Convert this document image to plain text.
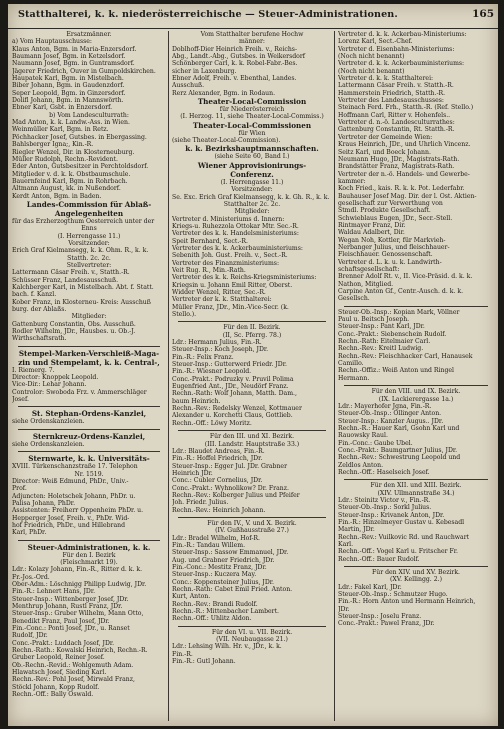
Statthalterei, k. k. niederösterreichische — Steuer-Administrationen.	165
Ersatzmänner.
a) Vom Hauptausschusse:
Klaus Anton, Bgm. in Maria-Enzersdorf.
Baumann Josef, Bgm. in Ketzelsdorf.
Naumann Josef, Bgm. in Guntramsdorf.
Jägerer Friedrich, Ouver in Gumpoldskirchen.
Haupatek Karl, Bgm. in Mistelbach.
Biber Johann, Bgm. in Gaudenzdorf.
Seper Leopold, Bgm. in Ginzersdorf.
Dolifl Johann, Bgm. in Mannswörth.
Ebner Karl, Gsbt. in Enzersdorf.
b) Vom Landesculturrath:
Mad Anton, k. k. Landw.-Ass. in Wien.
Weinmüller Karl, Bgm. in Retz.
Pöchhacker Josef, Gutsbes. in Ebergassing.
Bahlsberger Igna;, Kin.-R.
Riegler Wenzel, Dir. in Klosterneuburg.
Müller Rudolph, Rechn.-Revident.
Eder Anton, Gutsbesitzer in Perchtoldsdorf.
Mitglieder v. d. k. k. Obstbaumschule.
Bauernfeind Karl, Bgm. in Rohrbach.
Altmann August, kk. in Nußendorf.
Kerdt Anton, Bgm. in Baden.
Landes-Commission für Ablaß-
Angelegenheiten
für das Erzherzogthum Oesterreich unter der
Enns
(I. Herrengasse 11.)
Vorsitzender:
Erich Graf Kielmansegg, k. k. Ohm. R., k. k.
Statth. 2c. 2c.
Stellvertreter:
Lattermann Cäsar Freih. v., Statth.-R.
Schüsser Franz, Landesausschuß.
Kalchberger Karl, in Mistelbach. Abt. f. Statt.
bach. f. Kanzl.
Kober Franz, in Klosterneu- Kreis: Ausschuß
burg. der Ablaßs.
Mitglieder:
Gattenburg Constantin, Obs. Ausschuß.
Rodler Wilhelm, JDr., Hausbes. u. Ob.-J.
Wirthschaftsrath.
Stempel-Marken-Verschleiß-Maga-
zin und Stempelamt, k. k. Central-,
I. Riemerg. 7.
Director: Knoppek Leopold.
Vice-Dir.: Lehar Johann.
Controlor: Swoboda Frz. v. Ammerschläger
Josef.
St. Stephan-Ordens-Kanzlei,
siehe Ordenskanzleien.
Sternkreuz-Ordens-Kanzlei,
siehe Ordenskanzleien.
Sternwarte, k. k. Universitäts-
XVIII. Türkenschanzstraße 17. Telephon
Nr. 1519.
Director: Weiß Edmund, PhDr., Univ.-
Prof.
Adjuncten: Holetschek Johann, PhDr. u.
Palisa Johann, PhDr.
Assistenten: Freiherr Oppenheim PhDr. u.
Hepperger Josef, Freih. v., PhDr. Wid-
hof Friedrich, PhDr., und Hillebrand
Karl, PhDr.
Steuer-Administrationen, k. k.
Für den I. Bezirk
(Fleischmarkt 19).
Ldr.: Kolazy Johann, Fin.-R., Ritter d. k. k.
Fr.-Jos.-Ord.
Ober-Adm.: Löschnigg Philipp Ludwig, JDr.
Fin.-R.: Lehnert Hans, JDr.
Steuer-Insp.: Wittenberger Josef, JDr.
Menthrup Johann, Rustl Franz, JDr.
Steuer-Insp.: Gruber Wilhelm, Mann Otto,
Benedikt Franz, Paul Josef, JDr.
Fin.-Conc.: Ponti Josef, JDr., u. Ranset
Rudolf, JDr.
Conc.-Prakt.: Luddach Josef, JDr.
Rechn.-Rath.: Kowalski Heinrich, Rechn.-R.
Gruber Leopold, Reiner Josef.
Ob.-Rechn.-Revid.: Wohlgemuth Adam.
Hlawatsch Josef, Sieding Karl.
Rechn.-Rev.: Pohl Josef, Mirwald Franz,
Stöckl Johann, Kopp Rudolf.
Rechn.-Off.: Bally Oswald.
Vom Statthalter berufene Hochw
männer:
Doblhoff-Dier Heinrich Freih. v., Reichs-
Abg., Landt.-Abg., Gutsbes. in Weikersdorf
Schönberger Carl, k. k. Robel-Fabr.-Bes.
sicher in Laxenburg.
Ebner Adolf, Freih. v. Ebenthal, Landes.
Ausschuß.
Rerz Alexander, Bgm. in Rodaun.
Theater-Local-Commission
für Niederösterreich
(I. Herzog. 11, siehe Theater-Local-Commiss.)
Theater-Local-Commissionen
für Wien
(siehe Theater-Local-Commission).
k. k. Bezirkshauptmannschaften.
(siehe Seite 60, Band I.)
Wiener Approvisionirungs-
Conferenz.
(I. Herrengasse 11.)
Vorsitzender:
Se. Exc. Erich Graf Kielmansegg, k. k. Gh. R., k. k.
Statthalter 2c. 2c.
Mitglieder:
Vertreter d. Ministeriums d. Innern:
Kriegs-u. Ruhezzola Ottokar Mtr. Sec.-R.
Vertreter des k. k. Handelsministeriums:
Speit Bernhard, Sect.-R.
Vertreter des k. k. Ackerbauministeriums:
Sebenith Joh. Gust. Freih. v., Sect.-R.
Vertreter des Finanzministeriums:
Veit Rug. R., Min.-Rath.
Vertreter des k. k. Reichs-Kriegsministeriums:
Kriegsin u. Johann Emil Ritter, Oberst.
Widder Wenzel, Ritter, Sec.-R.
Vertreter der k. k. Statthalterei:
Müller Franz, JDr., Min.-Vice-Secr. (k.
Stello.).
Für den II. Bezirk.
(II, Sc. Pferrg. 78.)
Ldr.: Hermann Julius, Fin.-R.
Steuer-Insp.: Koch Joseph, JDr.
Fin.-R.: Felix Franz.
Steuer-Insp.: Gutterwerd Friedr. JDr.
Fin.-R.: Wiesner Leopold.
Conc.-Prakt.: Podruzky v. Pruvil Polima
Eugenfried Ant., JDr., Neudörf Franz.
Rechn.-Rath: Wolf Johann, Matth. Dam.,
baum Heinrich.
Rechn.-Rev.: Redelsky Wenzel, Kottmauer
Alexander u. Korchetti Claus, Gottlieb.
Rechn.-Off.: Löwy Moritz.
Für den III. und XI. Bezirk.
(III. Landstr. Hauptstraße 33.)
Ldr.: Blaudet Andreas, Fin.-R.
Fin.-R.: Hoffel Friedrich, JDr.
Steuer-Insp.: Egger Jul. JDr. Grabner
Heinrich JDr.
Conc.: Cubler Cornelius, JDr.
Conc.-Prakt.: Wyhnolikow? Dr. Franz.
Rechn.-Rev.: Kolberger Julius und Pfeifer
Joh. Friedr. Julius.
Rechn.-Rev.: Heinrich Johann.
Für den IV., V. und X. Bezirk.
(IV. Gußhausstraße 27.)
Ldr.: Bradel Wilhelm, Hof-R.
Fin.-R.: Tandau Willem.
Steuer-Insp.: Sassow Emmanuel, JDr.
Aug. und Grabner Friedrich, JDr.
Fin.-Conc.: Mestitz Franz, JDr.
Steuer-Insp.: Kuczera May.
Conc.: Koppensteiner Julius, JDr.
Rechn.-Rath: Cabet Emil Fried. Anton.
Kurt, Anton.
Rechn.-Rev.: Brandi Rudolf.
Rechn.-R.: Mittenbacher Lambert.
Rechn.-Off.: Uhlitz Aldon.
Für den VI. u. VII. Bezirk.
(VII. Neubaugasse 21.)
Ldr.: Lehsing Wilh. Hr. v., JDr., k. k.
Fin.-R.
Fin.-R.: Gutl Johann.
Vertreter d. k. k. Ackerbau-Ministeriums:
Lorenz Karl, Sect.-Chef.
Vertreter d. Eisenbahn-Ministeriums:
(Noch nicht benannt)
Vertreter d. k. k. Ackerbauministeriums:
(Noch nicht benannt)
Vertreter d. k. k. Statthalterei:
Lattermann Cäsar Freih. v. Statth.-R.
Hammerstein Friedrich, Statth.-R.
Vertreter des Landesausschusses:
Steinach Ferd. Frh., Statth.-R. (Ref. Stello.)
Hoffmann Carl, Ritter v. Hohenfels..
Vertreter d. n.-ö. Landesculturrathes:
Gattenburg Constantin, Rt. Statth.-R.
Vertreter der Gemeinde Wien:
Kraus Heinrich, JDr., und Uhrlich Vincenz.
Seitz Karl, und Boeck Johann.
Neumann Hugo, JDr., Magistrats-Rath.
Brandstätter Franz, Magistrats-Rath.
Vertreter der n.-ö. Handels- und Gewerbe-
kammer:
Koch Fried., kais. R. k. k. Pot. Lederfabr.
Bauhauser Josef Mag. Dir. der l. Ost. Aktien-
gesellschaft zur Verwerthung von
Stmdl. Produkte Gesellschaft.
Schwieblaus Eugen, JDr., Secr.-Stell.
Rintmayer Franz, Dir.
Waldau Adalbert, Dir.
Wegan Noh, Kottler, für Markvieh-
Nerbanger Julius, und fleischhauer-
Fleischhauer. Genossenschaft.
Vertreter d. L. k. u. k. Landwirth-
schaftsgesellschaft:
Brenner Adolf Rt. v., II. Vice-Präsid. d. k. k.
Nathon, Mitglied.
Carpine Anton Gf., Centr.-Ausch. d. k. k.
Gesellsch.
Steuer-Ob.-Insp.: Kopian Mark, Völlner
Paul u. Beitsch Joseph.
Steuer-Insp.: Pant Karl, JDr.
Conc.-Prakt.: Siebenschein Rudolf.
Rechn.-Rath: Eitelmaier Carl.
Rechn.-Rev.: Kreitl Ludwig.
Rechn.-Rev.: Fleischhacker Carl, Hanausek
Camillo.
Rechn.-Offiz.: Weiß Anton und Ringel
Hermann.
Für den VIII. und IX. Bezirk.
(IX. Lackierergasse 1a.)
Ldr.: Mayerhofer Jgna, Fin.-R.
Steuer-Ob.-Insp.: Ollinger Anton.
Steuer-Insp.: Kanzler Augus.. JDr.
Rechn.-R.: Hauer Karl, Gsohn Karl und
Rauowsky Raul.
Fin.-Conc.: Gaube Ubel.
Conc.-Prakt.: Baumgartner Julius, JDr.
Rechn.-Rev.: Schwestrung Leopold und
Zeldlos Anton.
Rechn.-Off.: Haselseich Josef.
Für den XII. und XIII. Bezirk.
(XIV. Ullmannstraße 34.)
Ldr.: Steinitz Victor v., Fin.-R.
Steuer-Ob.-Insp.: Sorkl Julius.
Steuer-Insp.: Krivanek Anton, JDr.
Fin.-R.: Hinzelmeyer Gustav u. Kebesadl
Martin, JDr.
Rechn.-Rev.: Vuilkovic Rd. und Rauchwart
Karl.
Rechn.-Off.: Vogel Karl u. Fritscher Fr.
Rechn.-Off.: Bauer Rudolf.
Für den XIV. und XV. Bezirk.
(XV. Kellingg. 2.)
Ldr.: Fakel Karl, JDr.
Steuer-Ob.-Insp.: Schmutzer Hugo.
Fin.-R.: Horn Anton und Hermann Heinrich,
JDr.
Steuer-Insp.: Joselu Franz.
Conc.-Prakt.: Pawel Franz, JDr.
